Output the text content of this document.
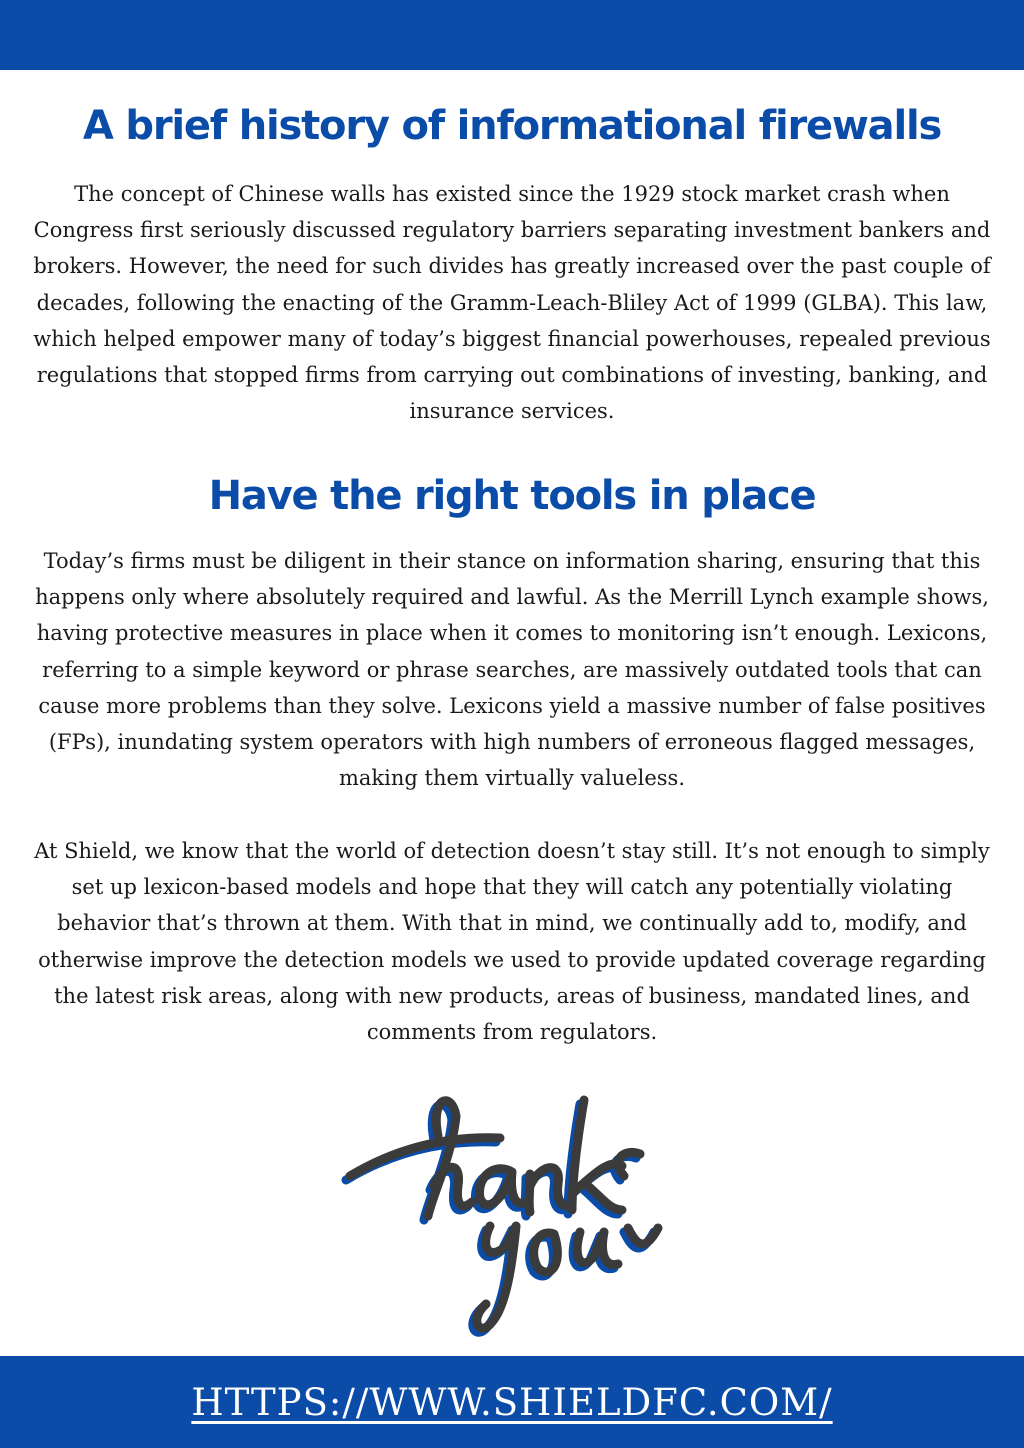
A brief history of informational firewalls

The concept of Chinese walls has existed since the 1929 stock market crash when Congress first seriously discussed regulatory barriers separating investment bankers and brokers. However, the need for such divides has greatly increased over the past couple of decades, following the enacting of the Gramm-Leach-Bliley Act of 1999 (GLBA). This law, which helped empower many of today’s biggest financial powerhouses, repealed previous regulations that stopped firms from carrying out combinations of investing, banking, and insurance services.

Have the right tools in place

Today’s firms must be diligent in their stance on information sharing, ensuring that this happens only where absolutely required and lawful. As the Merrill Lynch example shows, having protective measures in place when it comes to monitoring isn’t enough. Lexicons, referring to a simple keyword or phrase searches, are massively outdated tools that can cause more problems than they solve. Lexicons yield a massive number of false positives (FPs), inundating system operators with high numbers of erroneous flagged messages, making them virtually valueless.

At Shield, we know that the world of detection doesn’t stay still. It’s not enough to simply set up lexicon-based models and hope that they will catch any potentially violating behavior that’s thrown at them. With that in mind, we continually add to, modify, and otherwise improve the detection models we used to provide updated coverage regarding the latest risk areas, along with new products, areas of business, mandated lines, and comments from regulators.

HTTPS://WWW.SHIELDFC.COM/
